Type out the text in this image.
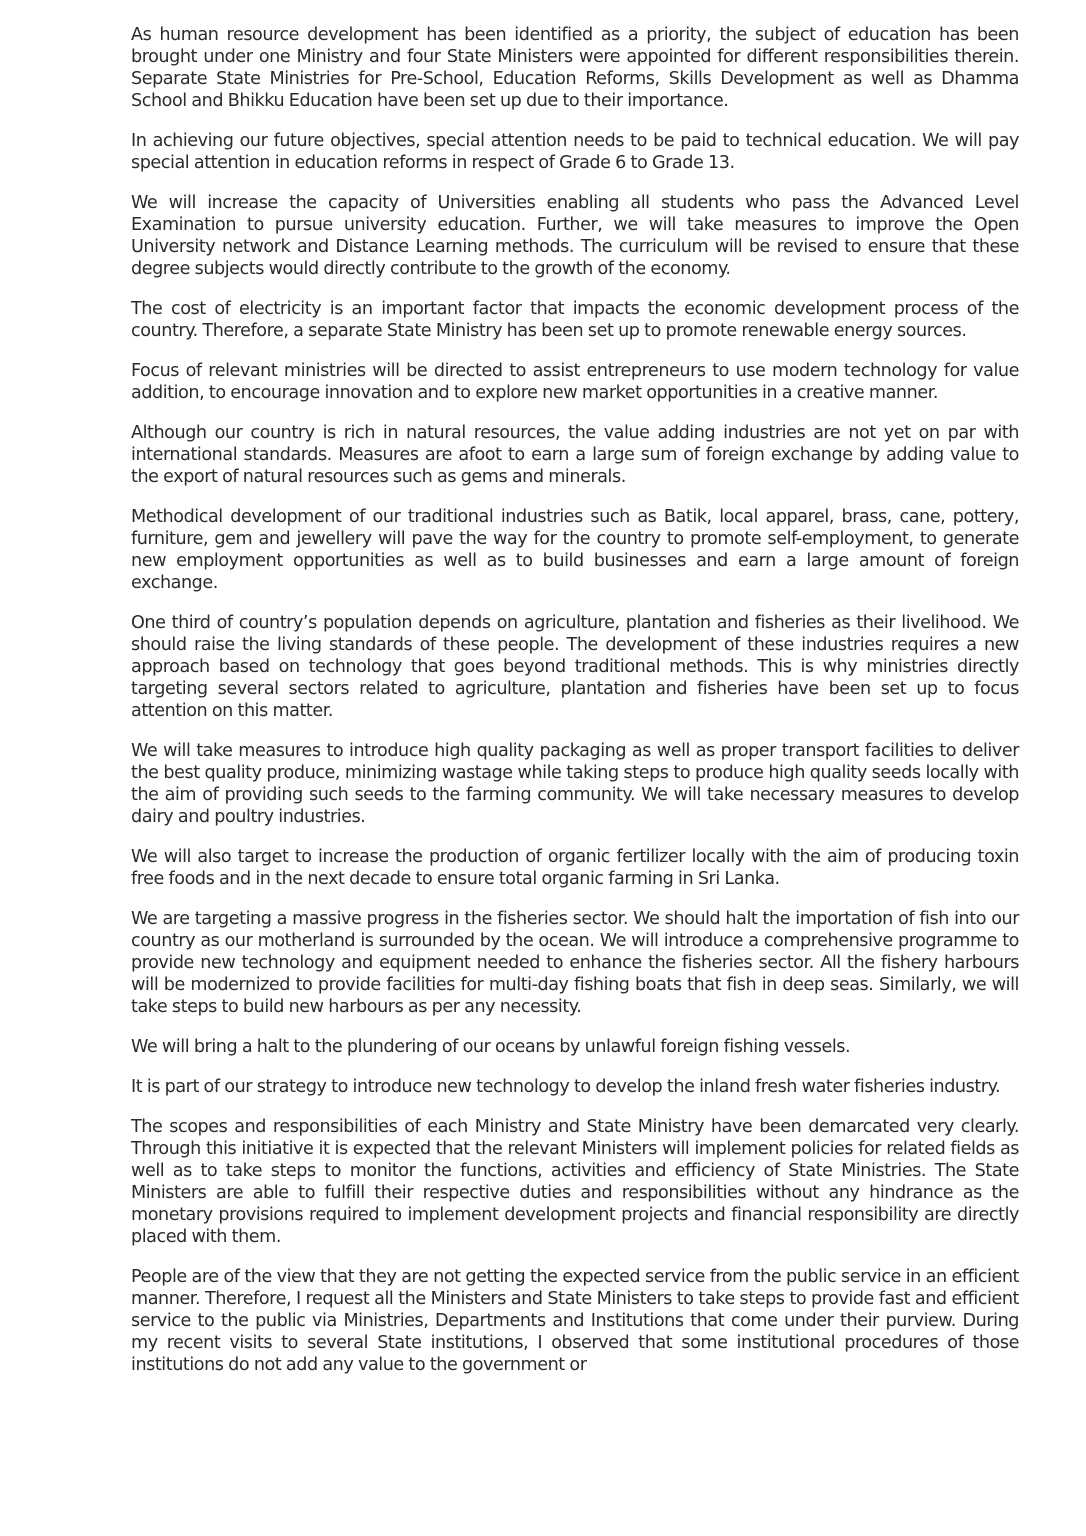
As human resource development has been identified as a priority, the subject of education has been brought under one Ministry and four State Ministers were appointed for different responsibilities therein. Separate State Ministries for Pre-School, Education Reforms, Skills Development as well as Dhamma School and Bhikku Education have been set up due to their importance.

In achieving our future objectives, special attention needs to be paid to technical education. We will pay special attention in education reforms in respect of Grade 6 to Grade 13.

We will increase the capacity of Universities enabling all students who pass the Advanced Level Examination to pursue university education. Further, we will take measures to improve the Open University network and Distance Learning methods. The curriculum will be revised to ensure that these degree subjects would directly contribute to the growth of the economy.

The cost of electricity is an important factor that impacts the economic development process of the country. Therefore, a separate State Ministry has been set up to promote renewable energy sources.

Focus of relevant ministries will be directed to assist entrepreneurs to use modern technology for value addition, to encourage innovation and to explore new market opportunities in a creative manner.

Although our country is rich in natural resources, the value adding industries are not yet on par with international standards. Measures are afoot to earn a large sum of foreign exchange by adding value to the export of natural resources such as gems and minerals.

Methodical development of our traditional industries such as Batik, local apparel, brass, cane, pottery, furniture, gem and jewellery will pave the way for the country to promote self-employment, to generate new employment opportunities as well as to build businesses and earn a large amount of foreign exchange.

One third of country’s population depends on agriculture, plantation and fisheries as their livelihood. We should raise the living standards of these people. The development of these industries requires a new approach based on technology that goes beyond traditional methods. This is why ministries directly targeting several sectors related to agriculture, plantation and fisheries have been set up to focus attention on this matter.

We will take measures to introduce high quality packaging as well as proper transport facilities to deliver the best quality produce, minimizing wastage while taking steps to produce high quality seeds locally with the aim of providing such seeds to the farming community. We will take necessary measures to develop dairy and poultry industries.

We will also target to increase the production of organic fertilizer locally with the aim of producing toxin free foods and in the next decade to ensure total organic farming in Sri Lanka.

We are targeting a massive progress in the fisheries sector. We should halt the importation of fish into our country as our motherland is surrounded by the ocean. We will introduce a comprehensive programme to provide new technology and equipment needed to enhance the fisheries sector. All the fishery harbours will be modernized to provide facilities for multi-day fishing boats that fish in deep seas. Similarly, we will take steps to build new harbours as per any necessity.

We will bring a halt to the plundering of our oceans by unlawful foreign fishing vessels.

It is part of our strategy to introduce new technology to develop the inland fresh water fisheries industry.

The scopes and responsibilities of each Ministry and State Ministry have been demarcated very clearly. Through this initiative it is expected that the relevant Ministers will implement policies for related fields as well as to take steps to monitor the functions, activities and efficiency of State Ministries. The State Ministers are able to fulfill their respective duties and responsibilities without any hindrance as the monetary provisions required to implement development projects and financial responsibility are directly placed with them.

People are of the view that they are not getting the expected service from the public service in an efficient manner. Therefore, I request all the Ministers and State Ministers to take steps to provide fast and efficient service to the public via Ministries, Departments and Institutions that come under their purview. During my recent visits to several State institutions, I observed that some institutional procedures of those institutions do not add any value to the government or
